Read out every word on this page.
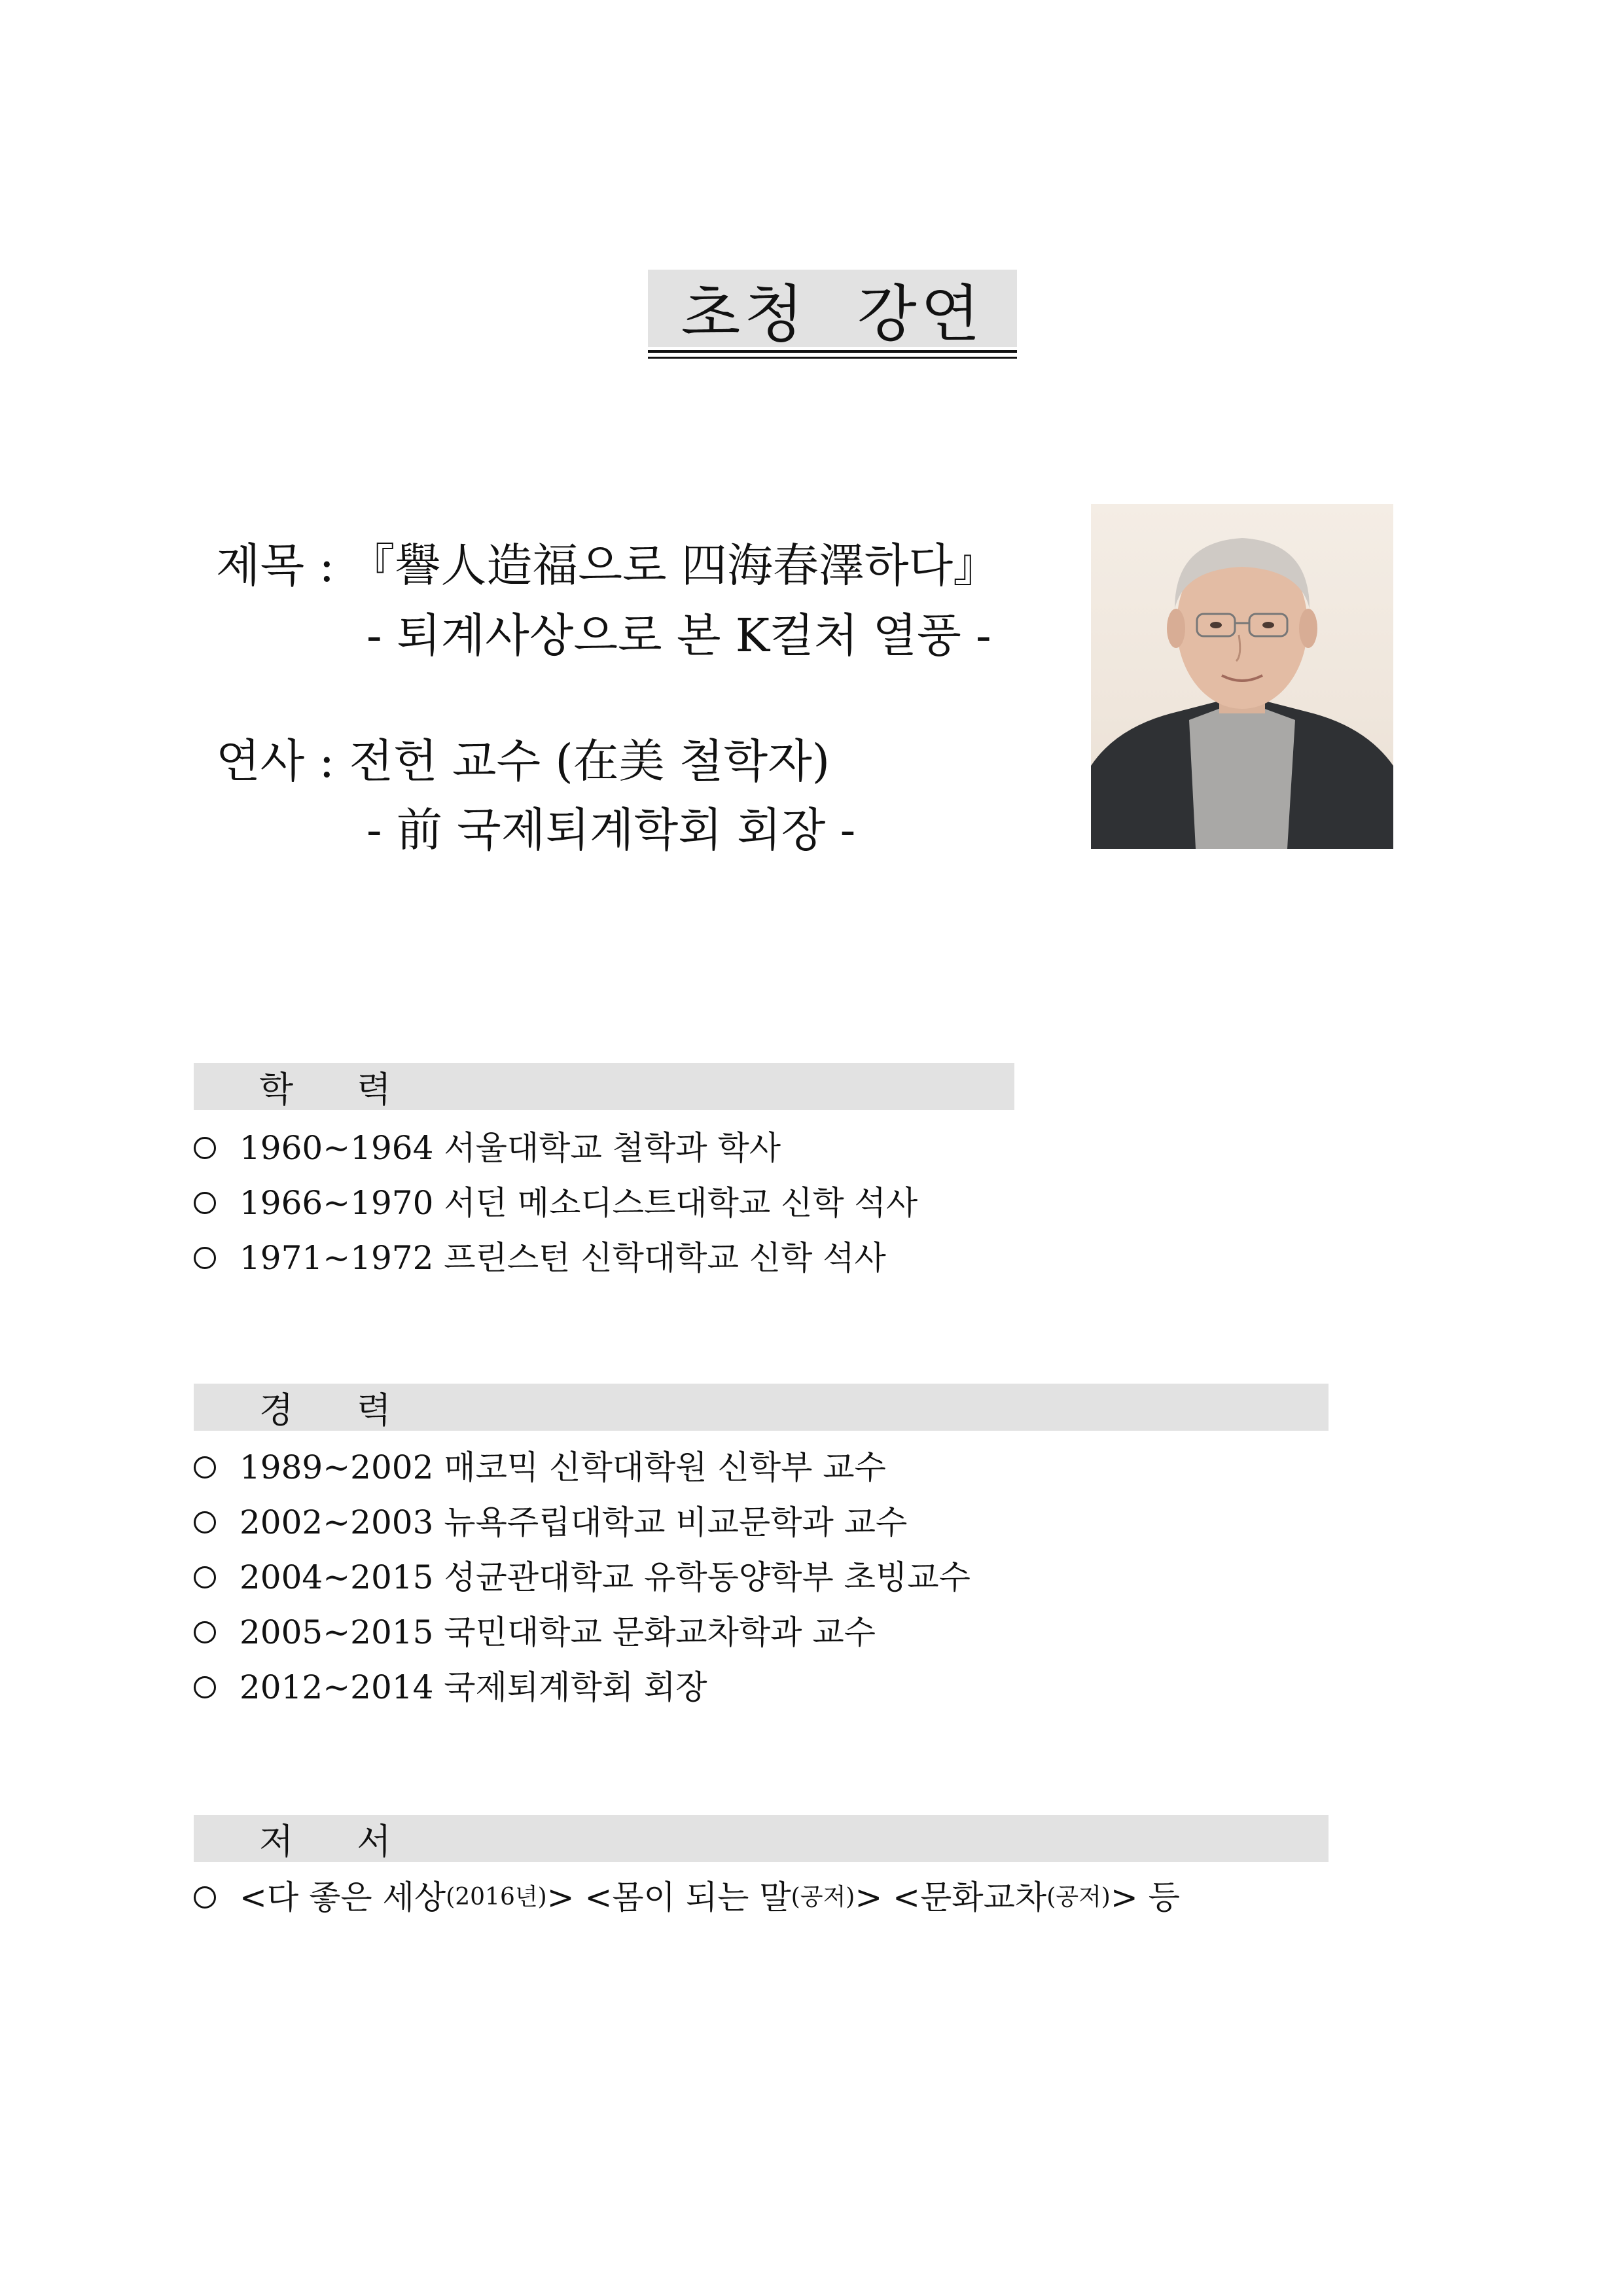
초청 강연
제목 : 『譽人造福으로 四海春澤하다』
- 퇴계사상으로 본 K컬처 열풍 -
연사 : 전헌 교수 (在美 철학자)
- 前 국제퇴계학회 회장 -
학 력
1960~1964 서울대학교 철학과 학사
1966~1970 서던 메소디스트대학교 신학 석사
1971~1972 프린스턴 신학대학교 신학 석사
경 력
1989~2002 매코믹 신학대학원 신학부 교수
2002~2003 뉴욕주립대학교 비교문학과 교수
2004~2015 성균관대학교 유학동양학부 초빙교수
2005~2015 국민대학교 문화교차학과 교수
2012~2014 국제퇴계학회 회장
저 서
<다 좋은 세상 (2016년) > <몸이 되는 말 (공저) > <문화교차 (공저) > 등
